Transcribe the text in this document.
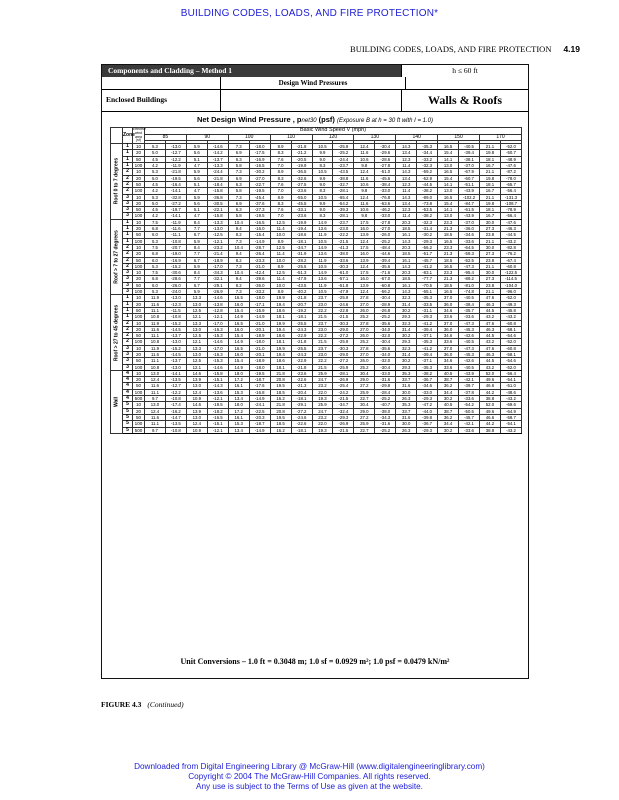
BUILDING CODES, LOADS, AND FIRE PROTECTION*
BUILDING CODES, LOADS, AND FIRE PROTECTION 4.19
Components and Cladding – Method 1	h ≤ 60 ft
Design Wind Pressures
Enclosed Buildings	Walls & Roofs
Net Design Wind Pressure , pnet30 (psf) (Exposure B at h = 30 ft with I = 1.0)
	Zone	Effective wind area (sf)	Basic Wind Speed V (mph)																	
			85		90		100		110		120		130		140		150		170	

Roof 0 to 7 degrees	1	10	5.3	-13.0	5.9	-14.6	7.3	-18.0	8.9	-21.8	10.5	-25.9	12.4	-30.4	14.3	-35.3	16.5	-40.5	21.1	-52.0
	1	20	5.0	-12.7	5.6	-14.2	6.9	-17.5	8.3	-21.2	9.9	-25.2	11.6	-29.6	13.4	-34.4	15.4	-39.4	19.8	-50.7
	1	50	4.5	-12.2	5.1	-13.7	6.3	-16.9	7.6	-20.5	9.0	-24.4	10.6	-28.6	12.3	-33.2	14.1	-38.1	18.1	-48.9
	1	100	4.2	-11.9	4.7	-13.3	5.8	-16.5	7.0	-19.9	8.3	-23.7	9.8	-27.8	11.4	-32.3	13.0	-37.0	16.7	-47.6
	2	10	5.3	-21.8	5.9	-24.4	7.3	-30.2	8.9	-36.5	10.5	-43.5	12.4	-51.0	14.3	-59.2	16.5	-67.9	21.1	-87.2
	2	20	5.0	-19.5	5.6	-21.8	6.9	-27.0	8.3	-32.6	9.9	-38.8	11.6	-45.6	13.4	-52.9	15.4	-60.7	19.8	-78.0
	2	50	4.5	-16.4	5.1	-18.4	6.3	-22.7	7.6	-27.5	9.0	-32.7	10.6	-38.4	12.3	-44.5	14.1	-51.1	18.1	-65.7
	2	100	4.2	-14.1	4.7	-15.8	5.8	-19.5	7.0	-23.6	8.3	-28.1	9.8	-33.0	11.4	-38.2	13.0	-43.9	16.7	-56.4
	3	10	5.3	-32.8	5.9	-36.8	7.3	-45.4	8.9	-55.0	10.5	-65.4	12.4	-76.8	14.3	-89.0	16.5	-102.2	21.1	-131.3
	3	20	5.0	-27.2	5.6	-30.5	6.9	-37.6	8.3	-45.5	9.9	-54.2	11.6	-63.6	13.4	-73.8	15.4	-84.7	19.8	-108.7
	3	50	4.5	-19.7	5.1	-22.1	6.3	-27.3	7.6	-33.1	9.0	-39.3	10.6	-46.2	12.3	-53.5	14.1	-61.5	18.1	-78.9
	3	100	4.2	-14.1	4.7	-15.8	5.8	-19.5	7.0	-23.6	8.3	-28.1	9.8	-33.0	11.4	-38.2	13.0	-43.9	16.7	-56.4

Roof > 7 to 27 degrees	1	10	7.5	-11.9	8.4	-13.3	10.4	-16.5	12.5	-19.9	14.9	-23.7	17.5	-27.8	20.3	-32.3	23.3	-37.0	30.0	-47.6
	1	20	6.8	-11.6	7.7	-13.0	9.4	-16.0	11.4	-19.4	13.6	-23.0	16.0	-27.0	18.5	-31.4	21.3	-36.0	27.3	-46.3
	1	50	6.0	-11.1	6.7	-12.5	8.2	-15.4	10.0	-18.6	11.9	-22.2	13.9	-26.0	16.1	-30.2	18.5	-34.6	23.8	-44.5
	1	100	5.3	-10.8	5.9	-12.1	7.3	-14.9	8.9	-18.1	10.5	-21.5	12.4	-25.2	14.3	-29.3	16.5	-33.6	21.1	-43.2
	2	10	7.5	-20.7	8.4	-23.2	10.4	-28.7	12.5	-34.7	14.9	-41.3	17.5	-48.4	20.3	-56.2	23.3	-64.5	30.0	-82.8
	2	20	6.8	-19.0	7.7	-21.4	9.4	-26.4	11.4	-31.9	13.6	-38.0	16.0	-44.6	18.5	-51.7	21.3	-59.3	27.3	-76.2
	2	50	6.0	-16.9	6.7	-18.9	8.2	-23.3	10.0	-28.2	11.9	-33.6	13.9	-39.4	16.1	-45.7	18.5	-52.5	23.8	-67.4
	2	100	5.3	-15.2	5.9	-17.0	7.3	-21.0	8.9	-25.5	10.5	-30.3	12.4	-35.6	14.3	-41.2	16.5	-47.3	21.1	-60.8
	3	10	7.5	-30.6	8.4	-34.3	10.4	-42.4	12.5	-51.3	14.9	-61.0	17.5	-71.6	20.3	-83.1	23.3	-95.4	30.0	-122.5
	3	20	6.8	-28.6	7.7	-32.1	9.4	-39.6	11.4	-47.9	13.6	-57.1	16.0	-67.0	18.5	-77.7	21.3	-89.2	27.3	-114.5
	3	50	6.0	-26.0	6.7	-29.1	8.2	-36.0	10.0	-43.5	11.9	-51.8	13.9	-60.8	16.1	-70.5	18.5	-81.0	23.8	-104.0
	3	100	5.3	-24.0	5.9	-26.9	7.3	-33.2	8.9	-40.2	10.5	-47.9	12.4	-56.2	14.3	-65.1	16.5	-74.8	21.1	-96.0

Roof > 27 to 45 degrees	1	10	11.9	-13.0	13.3	-14.6	16.5	-18.0	19.9	-21.8	23.7	-25.9	27.8	-30.4	32.3	-35.3	37.0	-40.5	47.6	-52.0
	1	20	11.6	-12.3	13.0	-13.8	16.0	-17.1	19.4	-20.7	23.0	-24.6	27.0	-28.9	31.4	-33.5	36.0	-38.4	46.3	-49.3
	1	50	11.1	-11.5	12.5	-12.8	15.4	-15.9	18.6	-19.2	22.2	-22.8	26.0	-26.8	30.2	-31.1	34.6	-35.7	44.5	-45.8
	1	100	10.8	-10.8	12.1	-12.1	14.9	-14.9	18.1	-18.1	21.5	-21.5	25.2	-25.2	29.3	-29.3	33.6	-33.6	43.2	-43.2
	2	10	11.9	-15.2	13.3	-17.0	16.5	-21.0	19.9	-25.5	23.7	-30.3	27.8	-35.6	32.3	-41.2	37.0	-47.3	47.6	-60.8
	2	20	11.6	-14.5	13.0	-16.3	16.0	-20.1	19.4	-24.3	23.0	-29.0	27.0	-34.0	31.4	-39.4	36.0	-45.3	46.3	-58.1
	2	50	11.1	-13.7	12.5	-15.3	15.4	-18.9	18.6	-22.9	22.2	-27.2	26.0	-32.0	30.2	-37.1	34.6	-42.6	44.5	-54.6
	2	100	10.8	-13.0	12.1	-14.6	14.9	-18.0	18.1	-21.8	21.5	-25.9	25.2	-30.4	29.3	-35.3	33.6	-40.5	43.2	-52.0
	3	10	11.9	-15.2	13.3	-17.0	16.5	-21.0	19.9	-25.5	23.7	-30.3	27.8	-35.6	32.3	-41.2	37.0	-47.3	47.6	-60.8
	3	20	11.6	-14.5	13.0	-16.3	16.0	-20.1	19.4	-24.3	23.0	-29.0	27.0	-34.0	31.4	-39.4	36.0	-45.3	46.3	-58.1
	3	50	11.1	-13.7	12.5	-15.3	15.4	-18.9	18.6	-22.9	22.2	-27.2	26.0	-32.0	30.2	-37.1	34.6	-42.6	44.5	-54.6
	3	100	10.8	-13.0	12.1	-14.6	14.9	-18.0	18.1	-21.8	21.5	-25.9	25.2	-30.4	29.3	-35.3	33.6	-40.5	43.2	-52.0

Wall	4	10	13.0	-14.1	14.6	-15.8	18.0	-19.5	21.8	-23.6	25.9	-28.1	30.4	-33.0	35.3	-38.2	40.5	-43.9	52.0	-56.4
	4	20	12.4	-13.5	13.9	-15.1	17.2	-18.7	20.8	-22.6	24.7	-26.9	29.0	-31.6	33.7	-36.7	38.7	-42.1	49.6	-54.1
	4	50	11.6	-12.7	13.0	-14.3	16.1	-17.6	19.5	-21.3	23.2	-25.4	27.2	-29.8	31.6	-34.6	36.2	-39.7	46.6	-51.0
	4	100	11.1	-12.2	12.4	-13.6	15.3	-16.8	18.5	-20.4	22.0	-24.2	25.9	-28.4	30.0	-33.0	34.4	-37.8	44.2	-48.6
	4	500	9.7	-10.8	10.9	-12.1	13.4	-14.9	16.2	-18.1	19.3	-21.5	22.7	-25.2	26.3	-29.3	30.2	-33.6	38.8	-43.2
	5	10	13.0	-17.4	14.6	-19.5	18.0	-24.1	21.8	-29.1	25.9	-34.7	30.4	-40.7	35.3	-47.2	40.5	-54.2	52.0	-69.6
	5	20	12.4	-16.2	13.9	-18.2	17.2	-22.5	20.8	-27.2	24.7	-32.4	29.0	-38.0	33.7	-44.0	38.7	-50.5	49.6	-64.9
	5	50	11.6	-14.7	13.0	-16.5	16.1	-20.3	19.5	-24.6	23.2	-29.3	27.2	-34.3	31.6	-39.8	36.2	-45.7	46.6	-58.7
	5	100	11.1	-13.5	12.4	-15.1	15.3	-18.7	18.5	-22.6	22.0	-26.9	25.9	-31.6	30.0	-36.7	34.4	-42.1	44.2	-54.1
	5	500	9.7	-10.8	10.9	-12.1	13.4	-14.9	16.2	-18.1	19.3	-21.5	22.7	-25.2	26.3	-29.3	30.2	-33.6	38.8	-43.2
Unit Conversions – 1.0 ft = 0.3048 m; 1.0 sf = 0.0929 m²; 1.0 psf = 0.0479 kN/m²
FIGURE 4.3 (Continued)
Downloaded from Digital Engineering Library @ McGraw-Hill (www.digitalengineeringlibrary.com)
Copyright © 2004 The McGraw-Hill Companies. All rights reserved.
Any use is subject to the Terms of Use as given at the website.
